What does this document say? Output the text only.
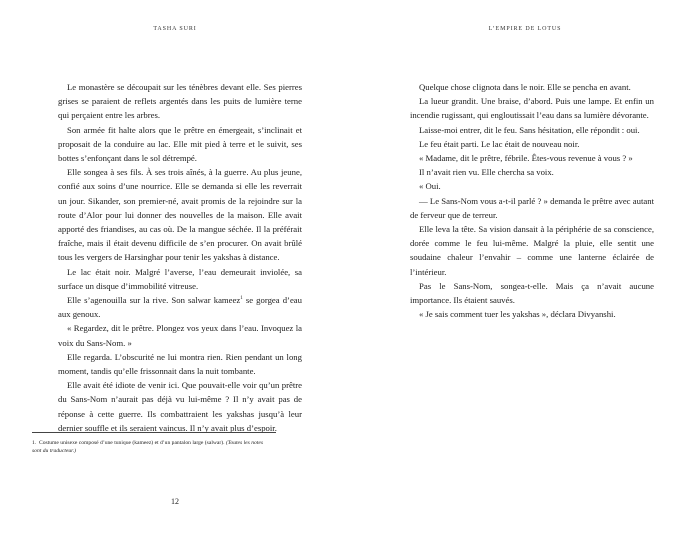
TASHA SURI

Le monastère se découpait sur les ténèbres devant elle. Ses pierres grises se paraient de reflets argentés dans les puits de lumière terne qui perçaient entre les arbres.

Son armée fit halte alors que le prêtre en émergeait, s’inclinait et proposait de la conduire au lac. Elle mit pied à terre et le suivit, ses bottes s’enfonçant dans le sol détrempé.

Elle songea à ses fils. À ses trois aînés, à la guerre. Au plus jeune, confié aux soins d’une nourrice. Elle se demanda si elle les reverrait un jour. Sikander, son premier-né, avait promis de la rejoindre sur la route d’Alor pour lui donner des nouvelles de la maison. Elle avait apporté des friandises, au cas où. De la mangue séchée. Il la préférait fraîche, mais il était devenu difficile de s’en procurer. On avait brûlé tous les vergers de Harsinghar pour tenir les yakshas à distance.

Le lac était noir. Malgré l’averse, l’eau demeurait inviolée, sa surface un disque d’immobilité vitreuse.

Elle s’agenouilla sur la rive. Son salwar kameez$^1$ se gorgea d’eau aux genoux.

« Regardez, dit le prêtre. Plongez vos yeux dans l’eau. Invoquez la voix du Sans-Nom. »

Elle regarda. L’obscurité ne lui montra rien. Rien pendant un long moment, tandis qu’elle frissonnait dans la nuit tombante.

Elle avait été idiote de venir ici. Que pouvait-elle voir qu’un prêtre du Sans-Nom n’aurait pas déjà vu lui-même ? Il n’y avait pas de réponse à cette guerre. Ils combattraient les yakshas jusqu’à leur dernier souffle et ils seraient vaincus. Il n’y avait plus d’espoir.

1. Costume unisexe composé d’une tunique (kameez) et d’un pantalon large (salwar). (Toutes les notes sont du traducteur.)

12
L’EMPIRE DE LOTUS

Quelque chose clignota dans le noir. Elle se pencha en avant.

La lueur grandit. Une braise, d’abord. Puis une lampe. Et enfin un incendie rugissant, qui engloutissait l’eau dans sa lumière dévorante.

Laisse-moi entrer, dit le feu. Sans hésitation, elle répondit : oui.

Le feu était parti. Le lac était de nouveau noir.

« Madame, dit le prêtre, fébrile. Êtes-vous revenue à vous ? »

Il n’avait rien vu. Elle chercha sa voix.

« Oui.

— Le Sans-Nom vous a-t-il parlé ? » demanda le prêtre avec autant de ferveur que de terreur.

Elle leva la tête. Sa vision dansait à la périphérie de sa conscience, dorée comme le feu lui-même. Malgré la pluie, elle sentit une soudaine chaleur l’envahir – comme une lanterne éclairée de l’intérieur.

Pas le Sans-Nom, songea-t-elle. Mais ça n’avait aucune importance. Ils étaient sauvés.

« Je sais comment tuer les yakshas », déclara Divyanshi.
